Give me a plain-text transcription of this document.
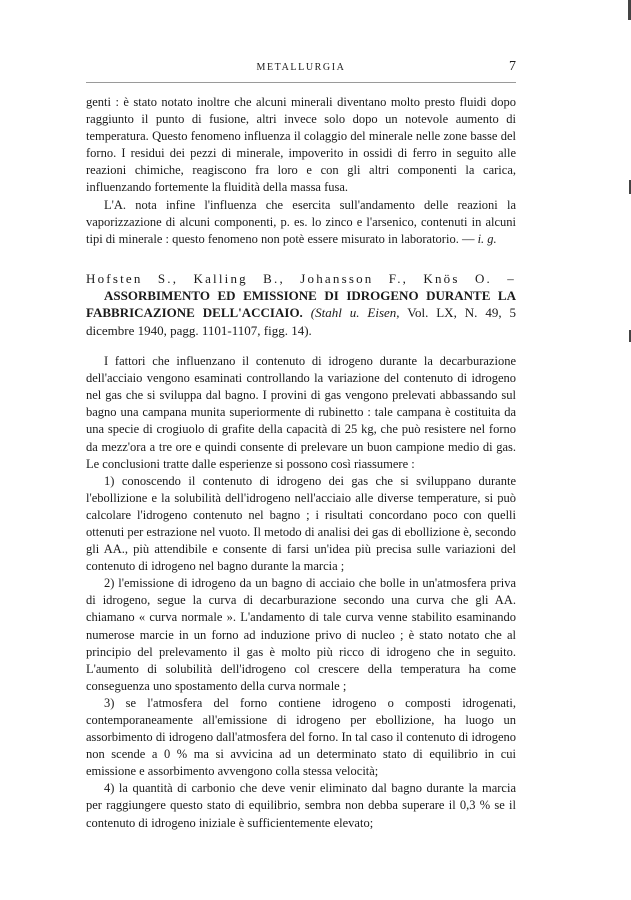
METALLURGIA	7

genti : è stato notato inoltre che alcuni minerali diventano molto presto fluidi dopo raggiunto il punto di fusione, altri invece solo dopo un notevole aumento di temperatura. Questo fenomeno influenza il colaggio del minerale nelle zone basse del forno. I residui dei pezzi di minerale, impoverito in ossidi di ferro in seguito alle reazioni chimiche, reagiscono fra loro e con gli altri componenti la carica, influenzando fortemente la fluidità della massa fusa.

L'A. nota infine l'influenza che esercita sull'andamento delle reazioni la vaporizzazione di alcuni componenti, p. es. lo zinco e l'arsenico, contenuti in alcuni tipi di minerale : questo fenomeno non potè essere misurato in laboratorio. — i. g.

Hofsten S., Kalling B., Johansson F., Knös O. – ASSORBIMENTO ED EMISSIONE DI IDROGENO DURANTE LA FABBRICAZIONE DELL'ACCIAIO. (Stahl u. Eisen, Vol. LX, N. 49, 5 dicembre 1940, pagg. 1101-1107, figg. 14).

I fattori che influenzano il contenuto di idrogeno durante la decarburazione dell'acciaio vengono esaminati controllando la variazione del contenuto di idrogeno nel gas che si sviluppa dal bagno. I provini di gas vengono prelevati abbassando sul bagno una campana munita superiormente di rubinetto : tale campana è costituita da una specie di crogiuolo di grafite della capacità di 25 kg, che può resistere nel forno da mezz'ora a tre ore e quindi consente di prelevare un buon campione medio di gas. Le conclusioni tratte dalle esperienze si possono così riassumere :

1) conoscendo il contenuto di idrogeno dei gas che si sviluppano durante l'ebollizione e la solubilità dell'idrogeno nell'acciaio alle diverse temperature, si può calcolare l'idrogeno contenuto nel bagno ; i risultati concordano poco con quelli ottenuti per estrazione nel vuoto. Il metodo di analisi dei gas di ebollizione è, secondo gli AA., più attendibile e consente di farsi un'idea più precisa sulle variazioni del contenuto di idrogeno nel bagno durante la marcia ;

2) l'emissione di idrogeno da un bagno di acciaio che bolle in un'atmosfera priva di idrogeno, segue la curva di decarburazione secondo una curva che gli AA. chiamano « curva normale ». L'andamento di tale curva venne stabilito esaminando numerose marcie in un forno ad induzione privo di nucleo ; è stato notato che al principio del prelevamento il gas è molto più ricco di idrogeno che in seguito. L'aumento di solubilità dell'idrogeno col crescere della temperatura ha come conseguenza uno spostamento della curva normale ;

3) se l'atmosfera del forno contiene idrogeno o composti idrogenati, contemporaneamente all'emissione di idrogeno per ebollizione, ha luogo un assorbimento di idrogeno dall'atmosfera del forno. In tal caso il contenuto di idrogeno non scende a 0 % ma si avvicina ad un determinato stato di equilibrio in cui emissione e assorbimento avvengono colla stessa velocità;

4) la quantità di carbonio che deve venir eliminato dal bagno durante la marcia per raggiungere questo stato di equilibrio, sembra non debba superare il 0,3 % se il contenuto di idrogeno iniziale è sufficientemente elevato;
